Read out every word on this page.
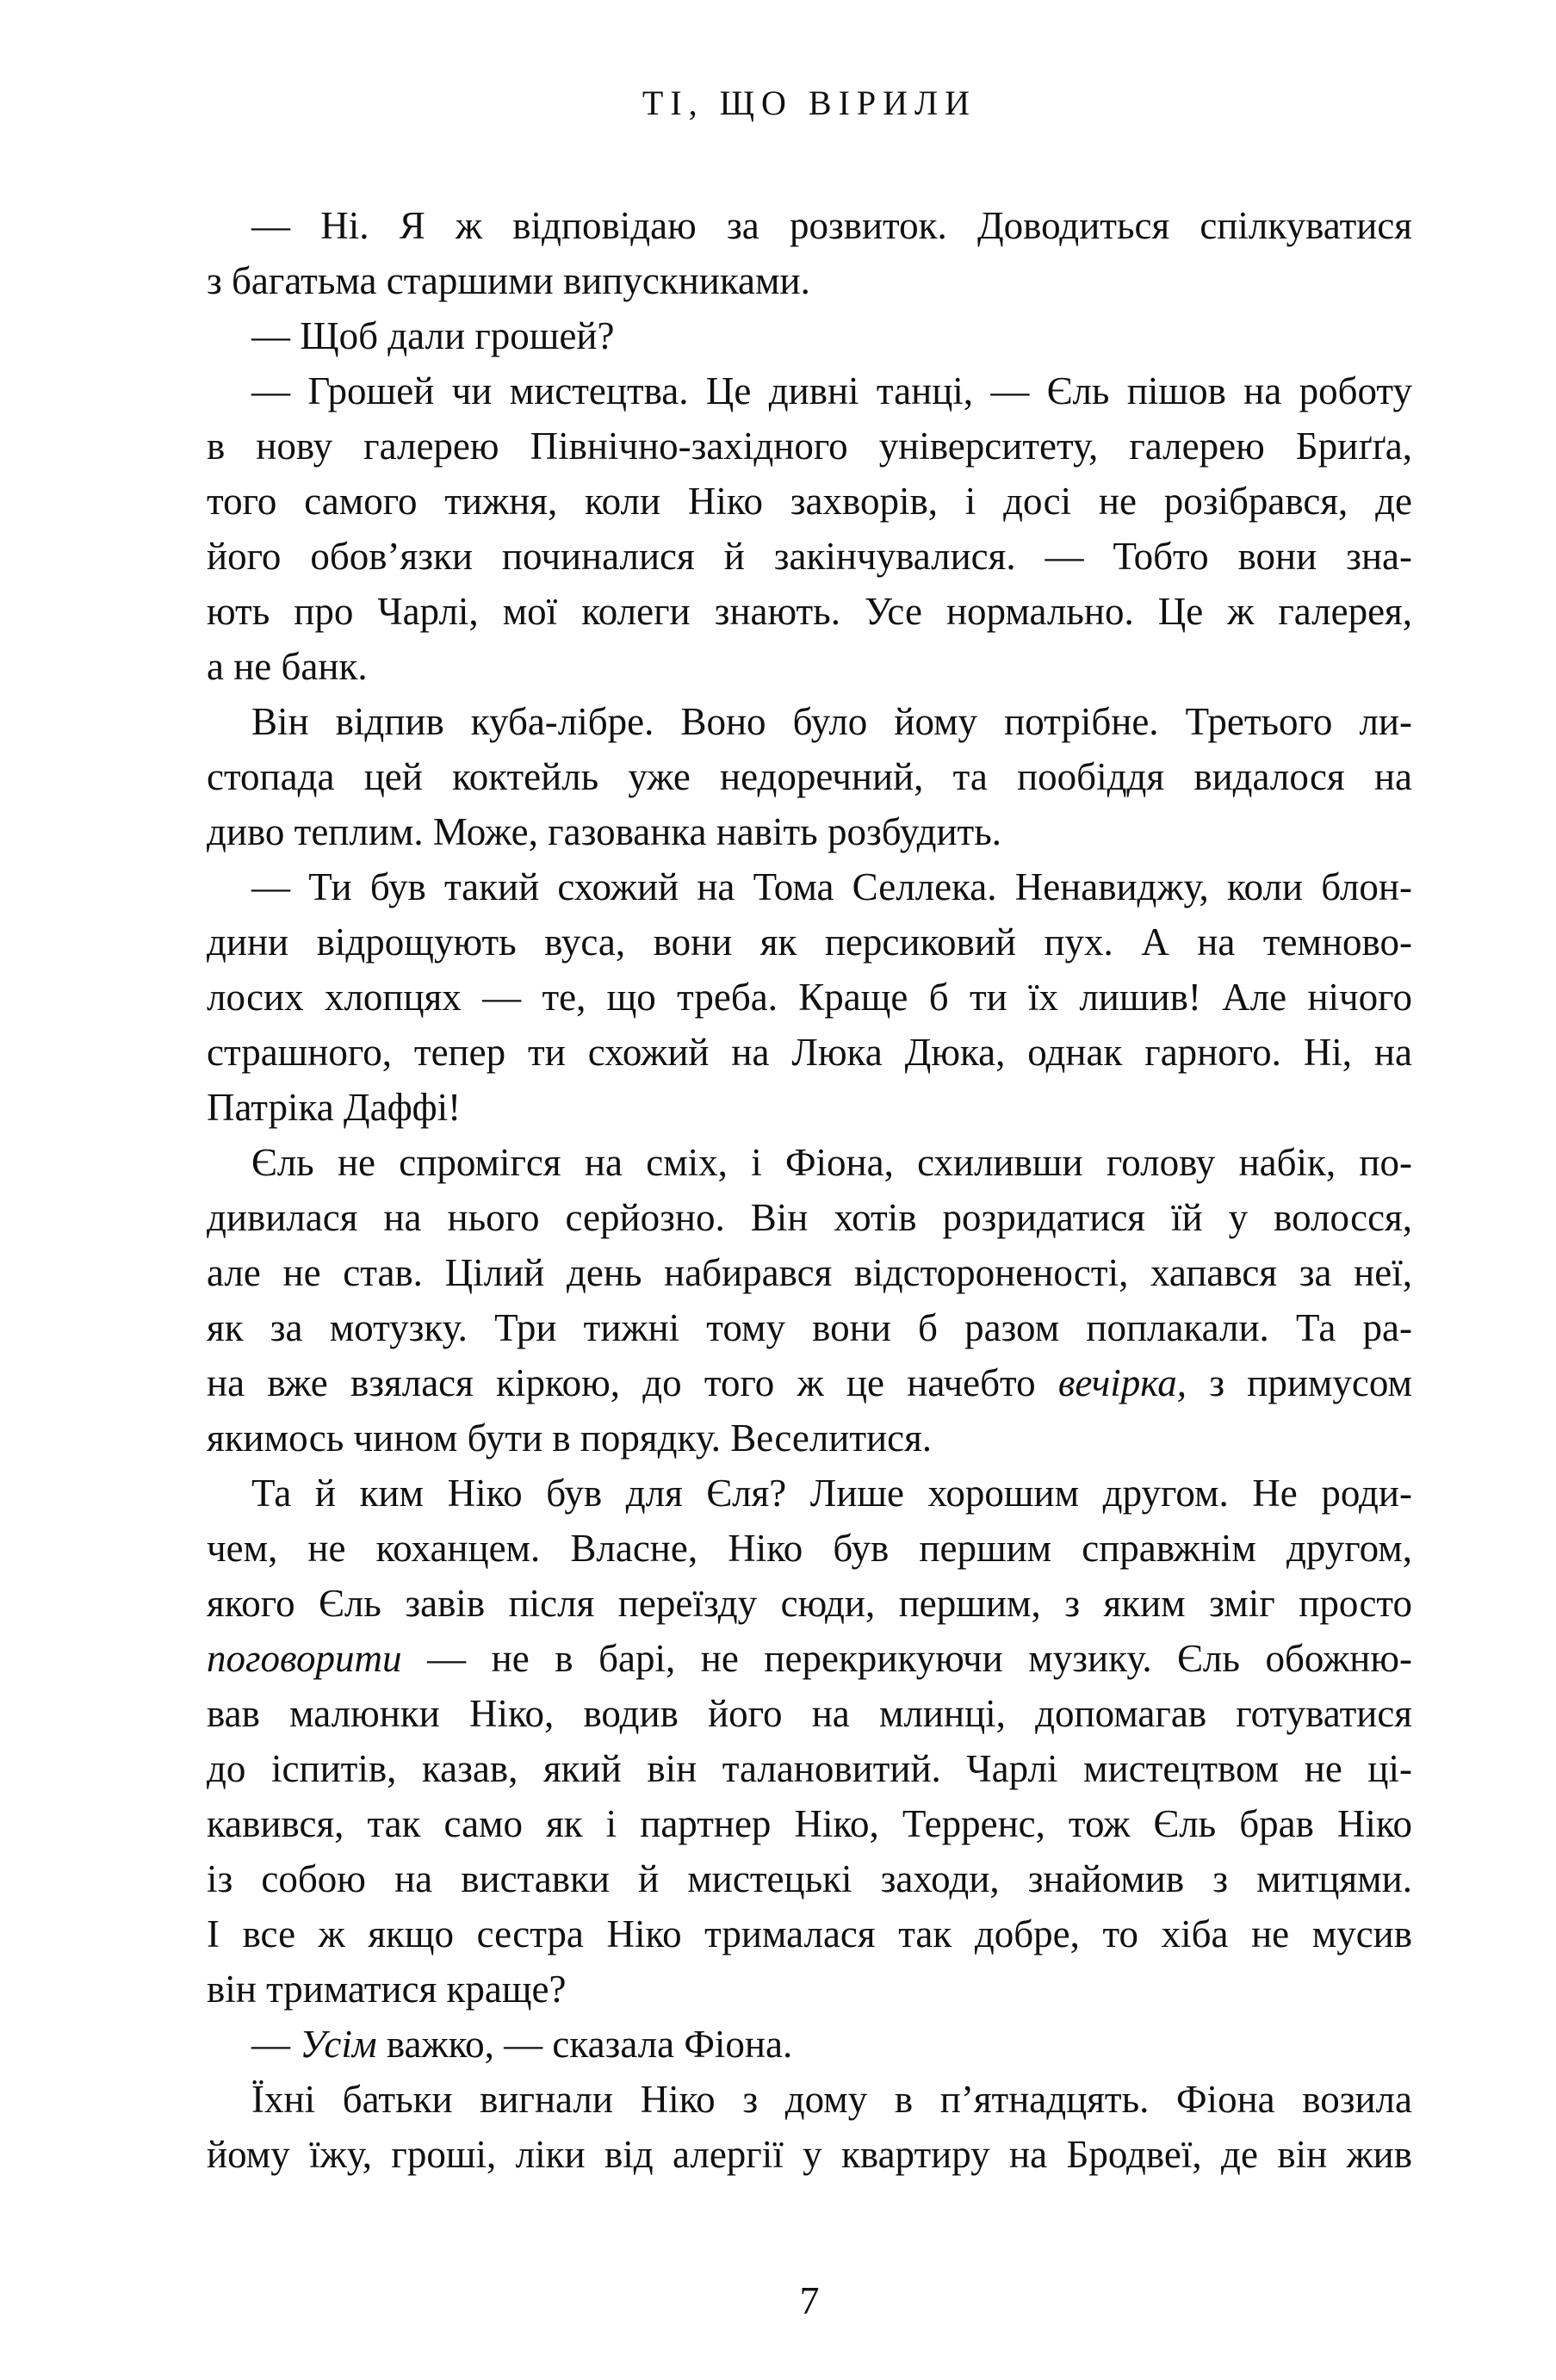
ТІ, ЩО ВІРИЛИ
— Ні. Я ж відповідаю за розвиток. Доводиться спілкуватися
з багатьма старшими випускниками.
— Щоб дали грошей?
— Грошей чи мистецтва. Це дивні танці, — Єль пішов на роботу
в нову галерею Північно-західного університету, галерею Бриґґа,
того самого тижня, коли Ніко захворів, і досі не розібрався, де
його обов’язки починалися й закінчувалися. — Тобто вони зна-
ють про Чарлі, мої колеги знають. Усе нормально. Це ж галерея,
а не банк.
Він відпив куба-лібре. Воно було йому потрібне. Третього ли-
стопада цей коктейль уже недоречний, та пообіддя видалося на
диво теплим. Може, газованка навіть розбудить.
— Ти був такий схожий на Тома Селлека. Ненавиджу, коли блон-
дини відрощують вуса, вони як персиковий пух. А на темново-
лосих хлопцях — те, що треба. Краще б ти їх лишив! Але нічого
страшного, тепер ти схожий на Люка Дюка, однак гарного. Ні, на
Патріка Даффі!
Єль не спромігся на сміх, і Фіона, схиливши голову набік, по-
дивилася на нього серйозно. Він хотів розридатися їй у волосся,
але не став. Цілий день набирався відстороненості, хапався за неї,
як за мотузку. Три тижні тому вони б разом поплакали. Та ра-
на вже взялася кіркою, до того ж це начебто вечірка, з примусом
якимось чином бути в порядку. Веселитися.
Та й ким Ніко був для Єля? Лише хорошим другом. Не роди-
чем, не коханцем. Власне, Ніко був першим справжнім другом,
якого Єль завів після переїзду сюди, першим, з яким зміг просто
поговорити — не в барі, не перекрикуючи музику. Єль обожню-
вав малюнки Ніко, водив його на млинці, допомагав готуватися
до іспитів, казав, який він талановитий. Чарлі мистецтвом не ці-
кавився, так само як і партнер Ніко, Терренс, тож Єль брав Ніко
із собою на виставки й мистецькі заходи, знайомив з митцями.
І все ж якщо сестра Ніко трималася так добре, то хіба не мусив
він триматися краще?
— Усім важко, — сказала Фіона.
Їхні батьки вигнали Ніко з дому в п’ятнадцять. Фіона возила
йому їжу, гроші, ліки від алергії у квартиру на Бродвеї, де він жив
7
